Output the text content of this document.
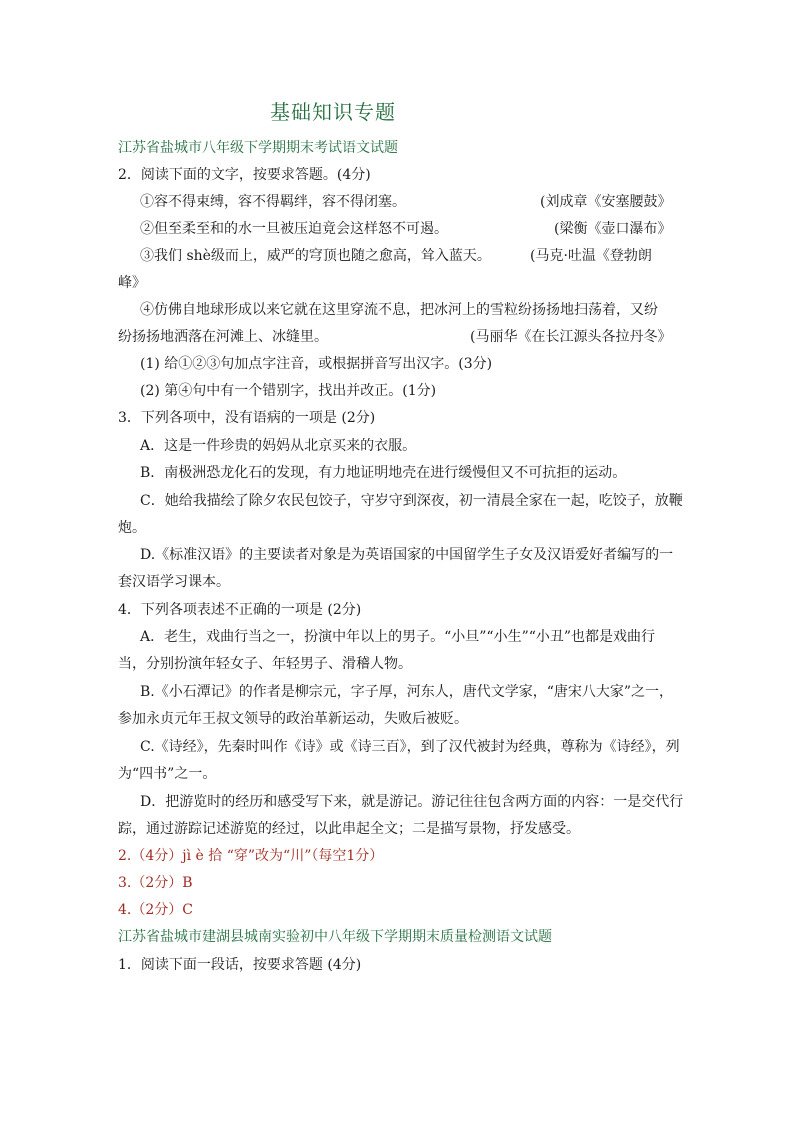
基础知识专题
江苏省盐城市八年级下学期期末考试语文试题
2．阅读下面的文字，按要求答题。(4分)
①容不得束缚，容不得羁绊，容不得闭塞。	(刘成章《安塞腰鼓》
②但至柔至和的水一旦被压迫竟会这样怒不可遏。	(梁衡《壶口瀑布》
③我们 shè级而上，威严的穹顶也随之愈高，耸入蓝天。	(马克·吐温《登勃朗
峰》
④仿佛自地球形成以来它就在这里穿流不息，把冰河上的雪粒纷扬扬地扫荡着，又纷
纷扬扬地洒落在河滩上、冰缝里。	(马丽华《在长江源头各拉丹冬》
(1) 给①②③句加点字注音，或根据拼音写出汉字。(3分)
(2) 第④句中有一个错别字，找出并改正。(1分)
3．下列各项中，没有语病的一项是 (2分)
A．这是一件珍贵的妈妈从北京买来的衣服。
B．南极洲恐龙化石的发现，有力地证明地壳在进行缓慢但又不可抗拒的运动。
C．她给我描绘了除夕农民包饺子，守岁守到深夜，初一清晨全家在一起，吃饺子，放鞭
炮。
D.《标准汉语》的主要读者对象是为英语国家的中国留学生子女及汉语爱好者编写的一
套汉语学习课本。
4．下列各项表述不正确的一项是 (2分)
A．老生，戏曲行当之一，扮演中年以上的男子。“小旦”“小生”“小丑”也都是戏曲行
当，分别扮演年轻女子、年轻男子、滑稽人物。
B.《小石潭记》的作者是柳宗元，字子厚，河东人，唐代文学家，“唐宋八大家”之一，
参加永贞元年王叔文领导的政治革新运动，失败后被贬。
C.《诗经》，先秦时叫作《诗》或《诗三百》，到了汉代被封为经典，尊称为《诗经》，列
为“四书”之一。
D．把游览时的经历和感受写下来，就是游记。游记往往包含两方面的内容：一是交代行
踪，通过游踪记述游览的经过，以此串起全文；二是描写景物，抒发感受。
2.（4分）jì è 拾 “穿”改为“川”（每空1分）
3.（2分）B
4.（2分）C
江苏省盐城市建湖县城南实验初中八年级下学期期末质量检测语文试题
1．阅读下面一段话，按要求答题 (4分)
